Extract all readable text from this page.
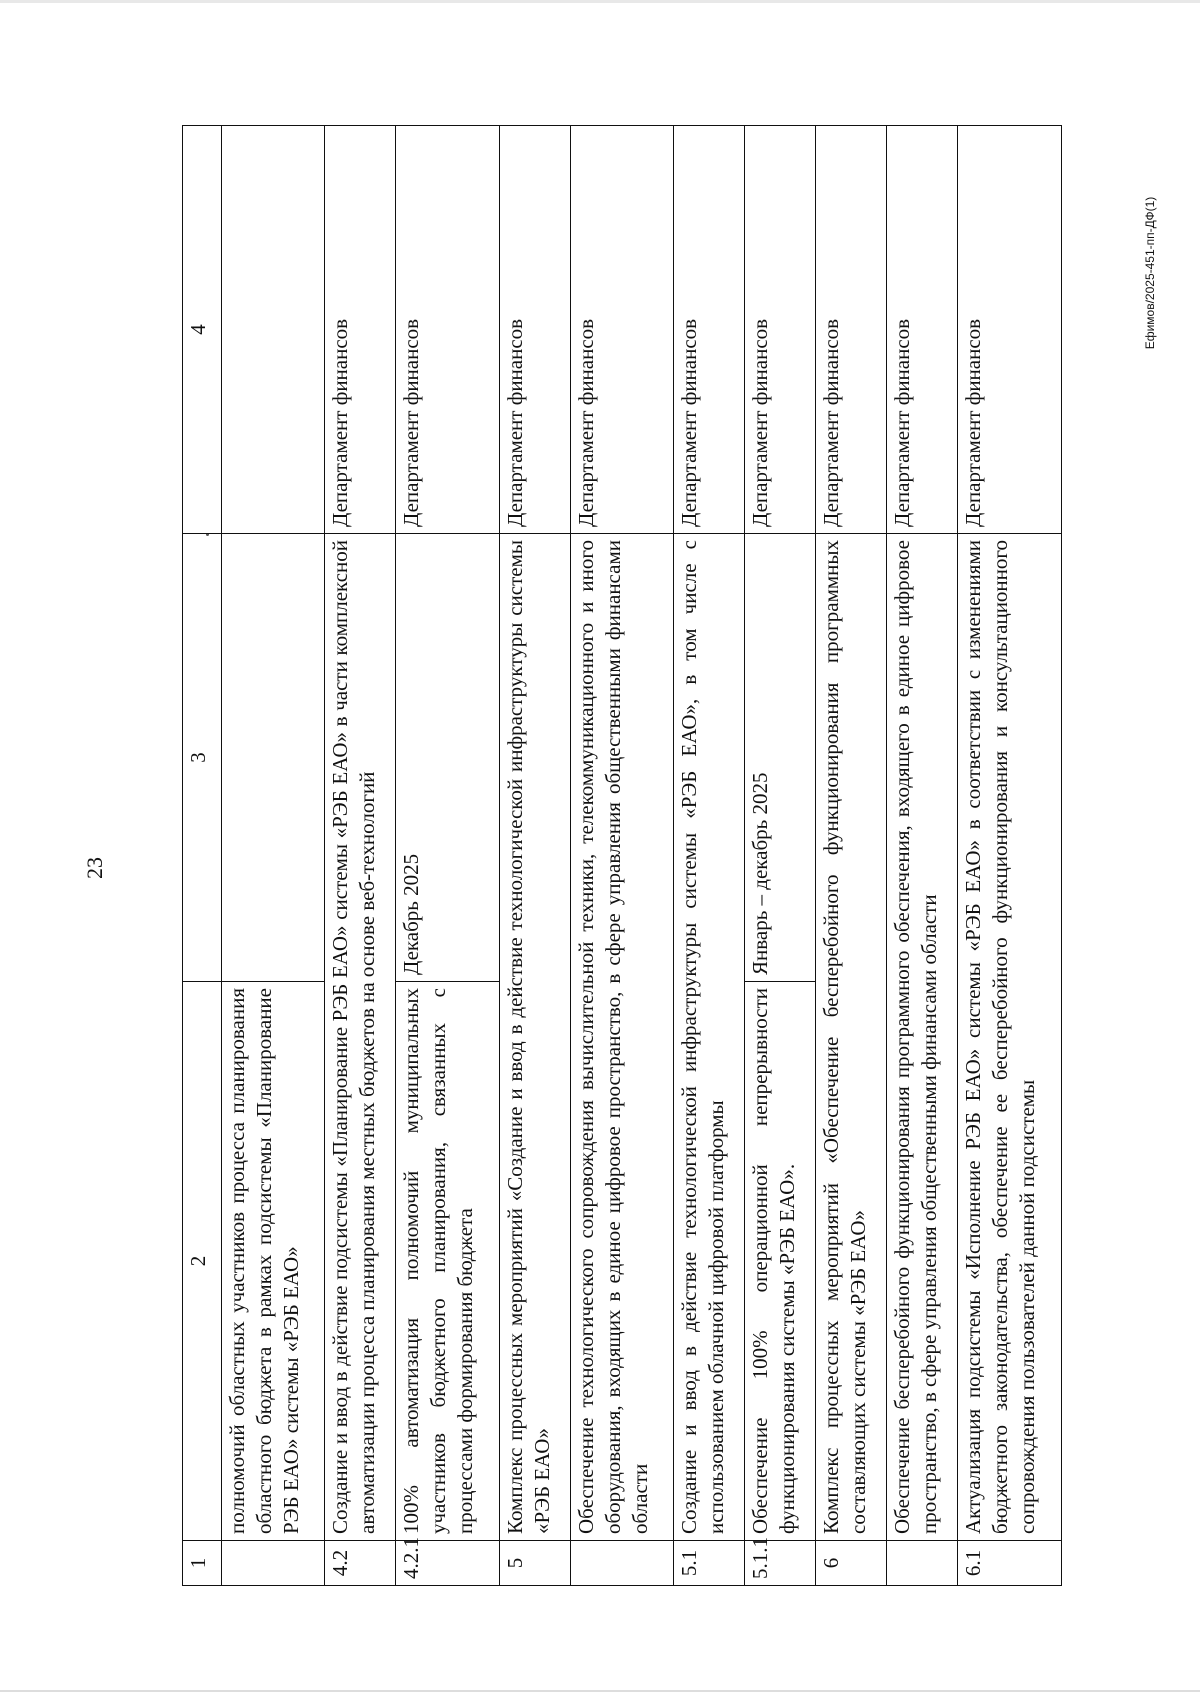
23
1	2	3	4
	полномочий областных участников процесса планирования областного бюджета в рамках подсистемы «Планирование РЭБ ЕАО» системы «РЭБ ЕАО»		
4.2	Создание и ввод в действие подсистемы «Планирование РЭБ ЕАО» системы «РЭБ ЕАО» в части комплексной автоматизации процесса планирования местных бюджетов на основе веб-технологий		Департамент финансов
4.2.1	100% автоматизация полномочий муниципальных участников бюджетного планирования, связанных с процессами формирования бюджета	Декабрь 2025	Департамент финансов
5	Комплекс процессных мероприятий «Создание и ввод в действие технологической инфраструктуры системы «РЭБ ЕАО»		Департамент финансов
	Обеспечение технологического сопровождения вычислительной техники, телекоммуникационного и иного оборудования, входящих в единое цифровое пространство, в сфере управления общественными финансами области		Департамент финансов
5.1	Создание и ввод в действие технологической инфраструктуры системы «РЭБ ЕАО», в том числе с использованием облачной цифровой платформы		Департамент финансов
5.1.1	Обеспечение 100% операционной непрерывности функционирования системы «РЭБ ЕАО».	Январь – декабрь 2025	Департамент финансов
6	Комплекс процессных мероприятий «Обеспечение бесперебойного функционирования программных составляющих системы «РЭБ ЕАО»		Департамент финансов
	Обеспечение бесперебойного функционирования программного обеспечения, входящего в единое цифровое пространство, в сфере управления общественными финансами области		Департамент финансов
6.1	Актуализация подсистемы «Исполнение РЭБ ЕАО» системы «РЭБ ЕАО» в соответствии с изменениями бюджетного законодательства, обеспечение ее бесперебойного функционирования и консультационного сопровождения пользователей данной подсистемы		Департамент финансов
Ефимов/2025-451-пп-ДФ(1)
